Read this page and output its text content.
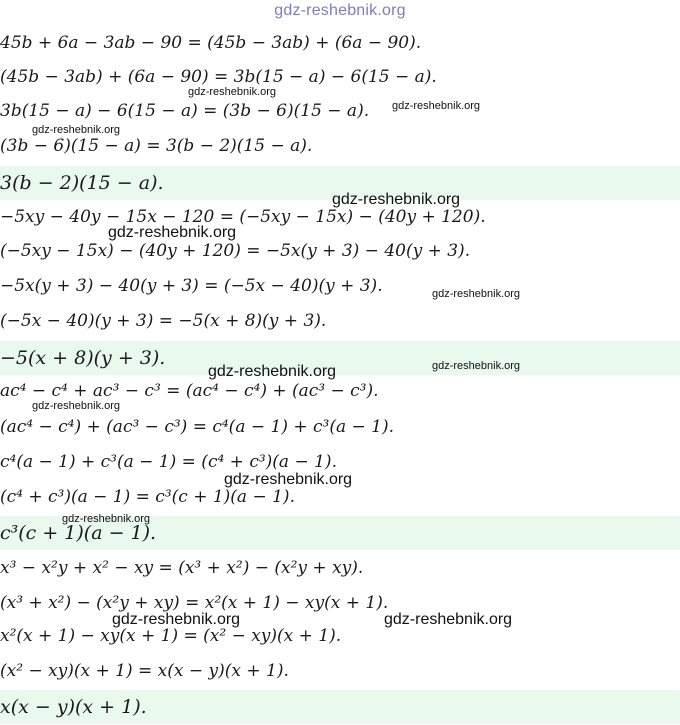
gdz-reshebnik.org
45b + 6a − 3ab − 90 = (45b − 3ab) + (6a − 90).
(45b − 3ab) + (6a − 90) = 3b(15 − a) − 6(15 − a).
3b(15 − a) − 6(15 − a) = (3b − 6)(15 − a).
(3b − 6)(15 − a) = 3(b − 2)(15 − a).
3(b − 2)(15 − a).
−5xy − 40y − 15x − 120 = (−5xy − 15x) − (40y + 120).
(−5xy − 15x) − (40y + 120) = −5x(y + 3) − 40(y + 3).
−5x(y + 3) − 40(y + 3) = (−5x − 40)(y + 3).
(−5x − 40)(y + 3) = −5(x + 8)(y + 3).
−5(x + 8)(y + 3).
ac⁴ − c⁴ + ac³ − c³ = (ac⁴ − c⁴) + (ac³ − c³).
(ac⁴ − c⁴) + (ac³ − c³) = c⁴(a − 1) + c³(a − 1).
c⁴(a − 1) + c³(a − 1) = (c⁴ + c³)(a − 1).
(c⁴ + c³)(a − 1) = c³(c + 1)(a − 1).
c³(c + 1)(a − 1).
x³ − x²y + x² − xy = (x³ + x²) − (x²y + xy).
(x³ + x²) − (x²y + xy) = x²(x + 1) − xy(x + 1).
x²(x + 1) − xy(x + 1) = (x² − xy)(x + 1).
(x² − xy)(x + 1) = x(x − y)(x + 1).
x(x − y)(x + 1).
gdz-reshebnik.org
gdz-reshebnik.org
gdz-reshebnik.org
gdz-reshebnik.org
gdz-reshebnik.org
gdz-reshebnik.org
gdz-reshebnik.org	gdz-reshebnik.org
gdz-reshebnik.org
gdz-reshebnik.org
gdz-reshebnik.org
gdz-reshebnik.org	gdz-reshebnik.org
